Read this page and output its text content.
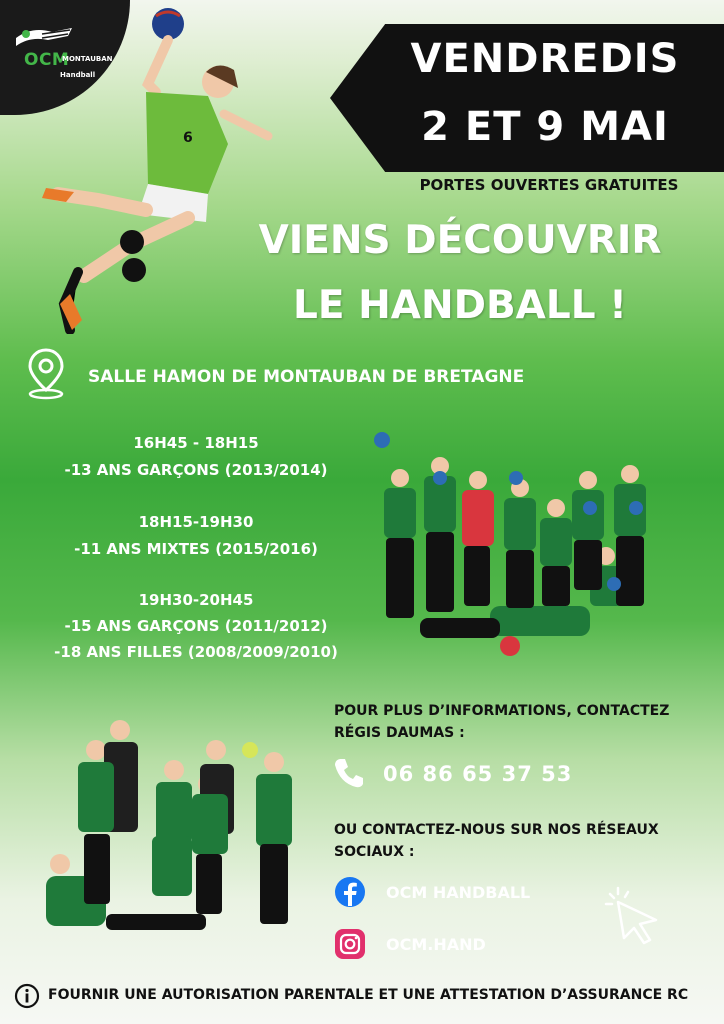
OCM
MONTAUBAN
Handball
6
VENDREDIS
2 ET 9 MAI
PORTES OUVERTES GRATUITES
VIENS DÉCOUVRIR
LE HANDBALL !
SALLE HAMON DE MONTAUBAN DE BRETAGNE
16H45 - 18H15
-13 ANS GARÇONS (2013/2014)
18H15-19H30
-11 ANS MIXTES (2015/2016)
19H30-20H45
-15 ANS GARÇONS (2011/2012)
-18 ANS FILLES (2008/2009/2010)
POUR PLUS D’INFORMATIONS, CONTACTEZ
RÉGIS DAUMAS :
06 86 65 37 53
OU CONTACTEZ-NOUS SUR NOS RÉSEAUX
SOCIAUX :
OCM HANDBALL
OCM.HAND
FOURNIR UNE AUTORISATION PARENTALE ET UNE ATTESTATION D’ASSURANCE RC
